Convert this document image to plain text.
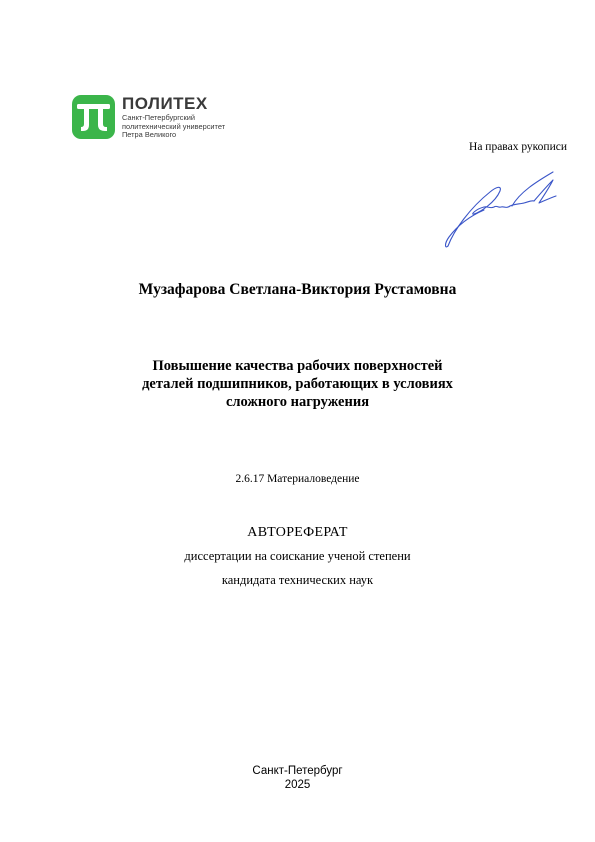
ПОЛИТЕХ
Санкт-Петербургский
политехнический университет
Петра Великого
На правах рукописи
Музафарова Светлана-Виктория Рустамовна
Повышение качества рабочих поверхностей
деталей подшипников, работающих в условиях
сложного нагружения
2.6.17 Материаловедение
АВТОРЕФЕРАТ
диссертации на соискание ученой степени
кандидата технических наук
Санкт-Петербург
2025
